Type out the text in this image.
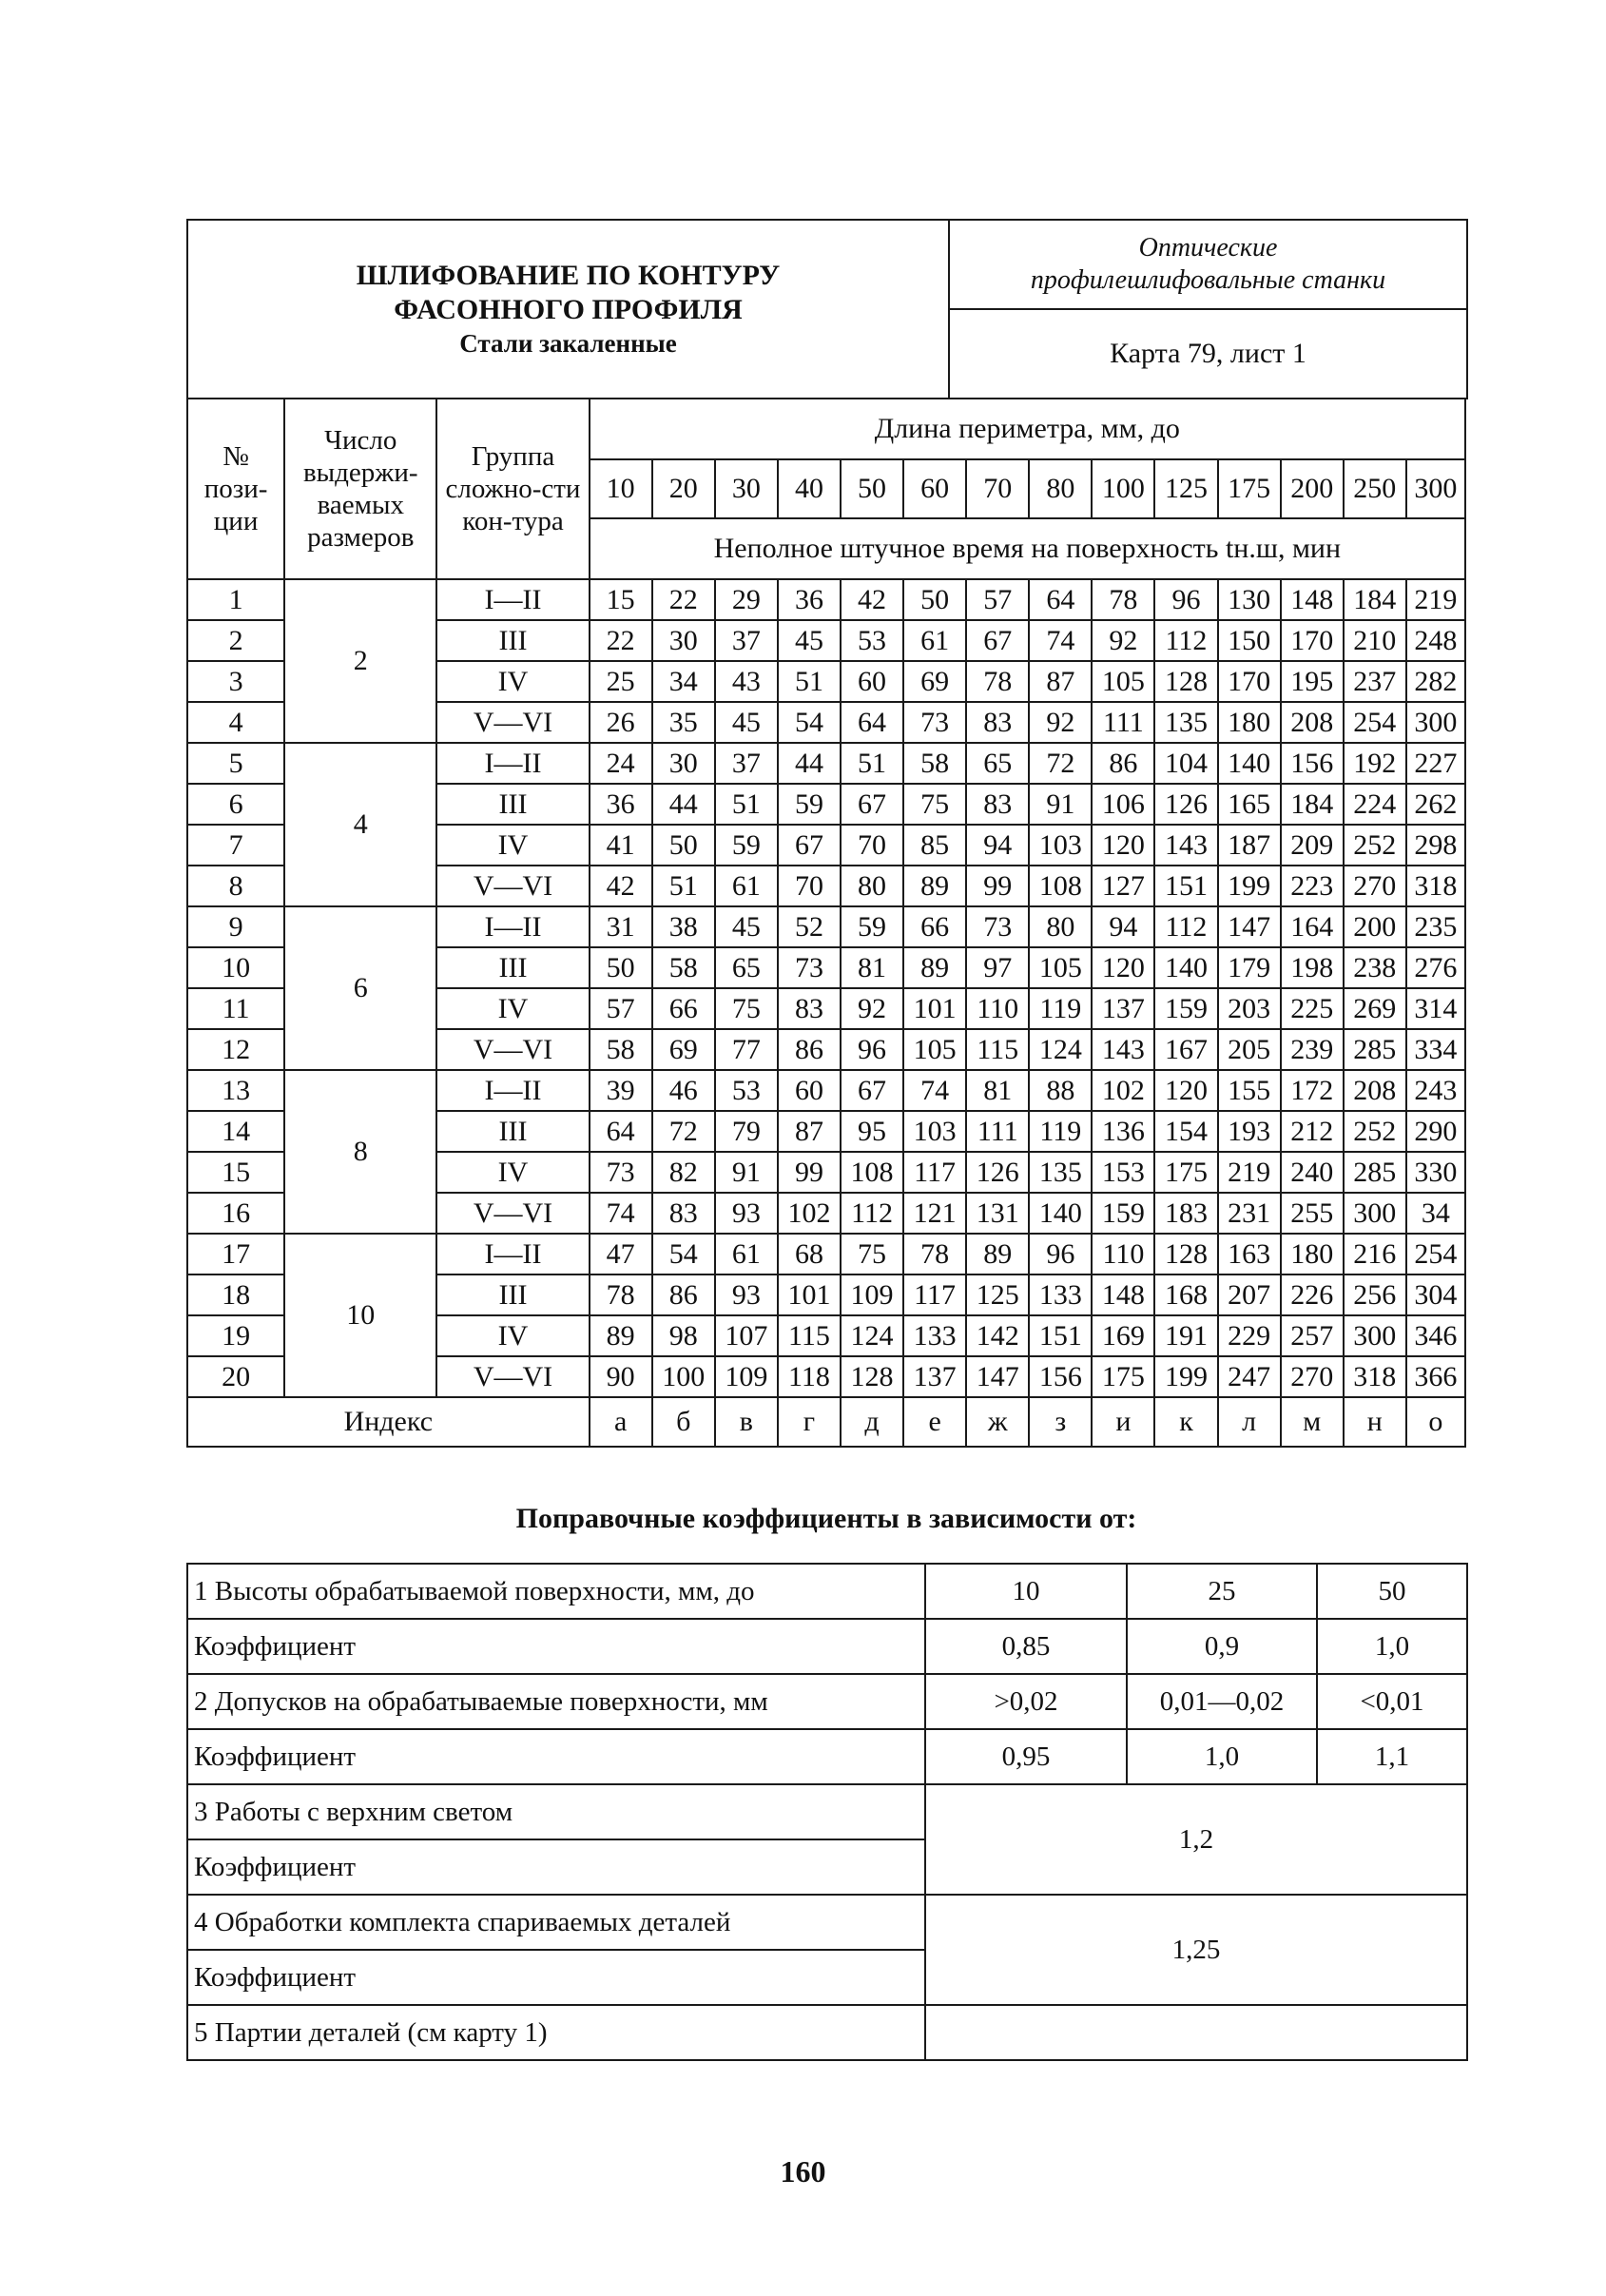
ШЛИФОВАНИЕ ПО КОНТУРУ
ФАСОННОГО ПРОФИЛЯ
Стали закаленные

Оптические
профилешлифовальные станки

Карта 79, лист 1
№ пози-ции	Число выдержи-ваемых размеров	Группа сложно-сти кон-тура	Длина периметра, мм, до													
			10	20	30	40	50	60	70	80	100	125	175	200	250	300
			Неполное штучное время на поверхность tн.ш, мин													
1	2	I—II	15	22	29	36	42	50	57	64	78	96	130	148	184	219
2		III	22	30	37	45	53	61	67	74	92	112	150	170	210	248
3		IV	25	34	43	51	60	69	78	87	105	128	170	195	237	282
4		V—VI	26	35	45	54	64	73	83	92	111	135	180	208	254	300
5	4	I—II	24	30	37	44	51	58	65	72	86	104	140	156	192	227
6		III	36	44	51	59	67	75	83	91	106	126	165	184	224	262
7		IV	41	50	59	67	70	85	94	103	120	143	187	209	252	298
8		V—VI	42	51	61	70	80	89	99	108	127	151	199	223	270	318
9	6	I—II	31	38	45	52	59	66	73	80	94	112	147	164	200	235
10		III	50	58	65	73	81	89	97	105	120	140	179	198	238	276
11		IV	57	66	75	83	92	101	110	119	137	159	203	225	269	314
12		V—VI	58	69	77	86	96	105	115	124	143	167	205	239	285	334
13	8	I—II	39	46	53	60	67	74	81	88	102	120	155	172	208	243
14		III	64	72	79	87	95	103	111	119	136	154	193	212	252	290
15		IV	73	82	91	99	108	117	126	135	153	175	219	240	285	330
16		V—VI	74	83	93	102	112	121	131	140	159	183	231	255	300	34
17	10	I—II	47	54	61	68	75	78	89	96	110	128	163	180	216	254
18		III	78	86	93	101	109	117	125	133	148	168	207	226	256	304
19		IV	89	98	107	115	124	133	142	151	169	191	229	257	300	346
20		V—VI	90	100	109	118	128	137	147	156	175	199	247	270	318	366
Индекс			а	б	в	г	д	е	ж	з	и	к	л	м	н	о
Поправочные коэффициенты в зависимости от:
1 Высоты обрабатываемой поверхности, мм, до	10	25	50
Коэффициент	0,85	0,9	1,0
2 Допусков на обрабатываемые поверхности, мм	>0,02	0,01—0,02	<0,01
Коэффициент	0,95	1,0	1,1
3 Работы с верхним светом	1,2		
Коэффициент			
4 Обработки комплекта спариваемых деталей	1,25		
Коэффициент			
5 Партии деталей (см карту 1)			
160
